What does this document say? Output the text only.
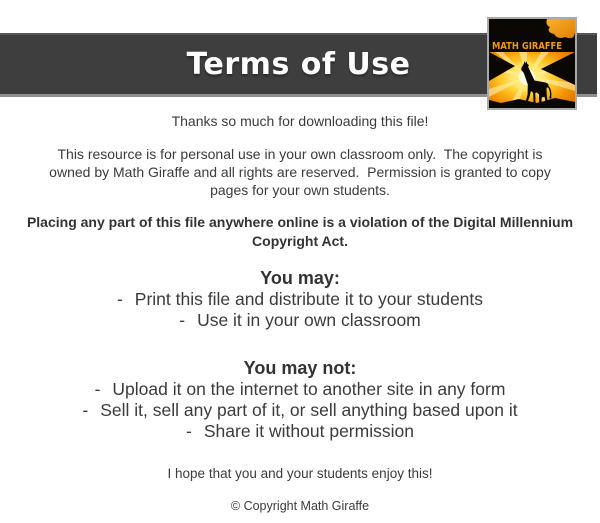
Terms of Use
MATH GIRAFFE
Thanks so much for downloading this file!
This resource is for personal use in your own classroom only.  The copyright is
owned by Math Giraffe and all rights are reserved.  Permission is granted to copy
pages for your own students.
Placing any part of this file anywhere online is a violation of the Digital Millennium
Copyright Act.
You may:
- Print this file and distribute it to your students
- Use it in your own classroom
You may not:
- Upload it on the internet to another site in any form
- Sell it, sell any part of it, or sell anything based upon it
- Share it without permission
I hope that you and your students enjoy this!
© Copyright Math Giraffe
